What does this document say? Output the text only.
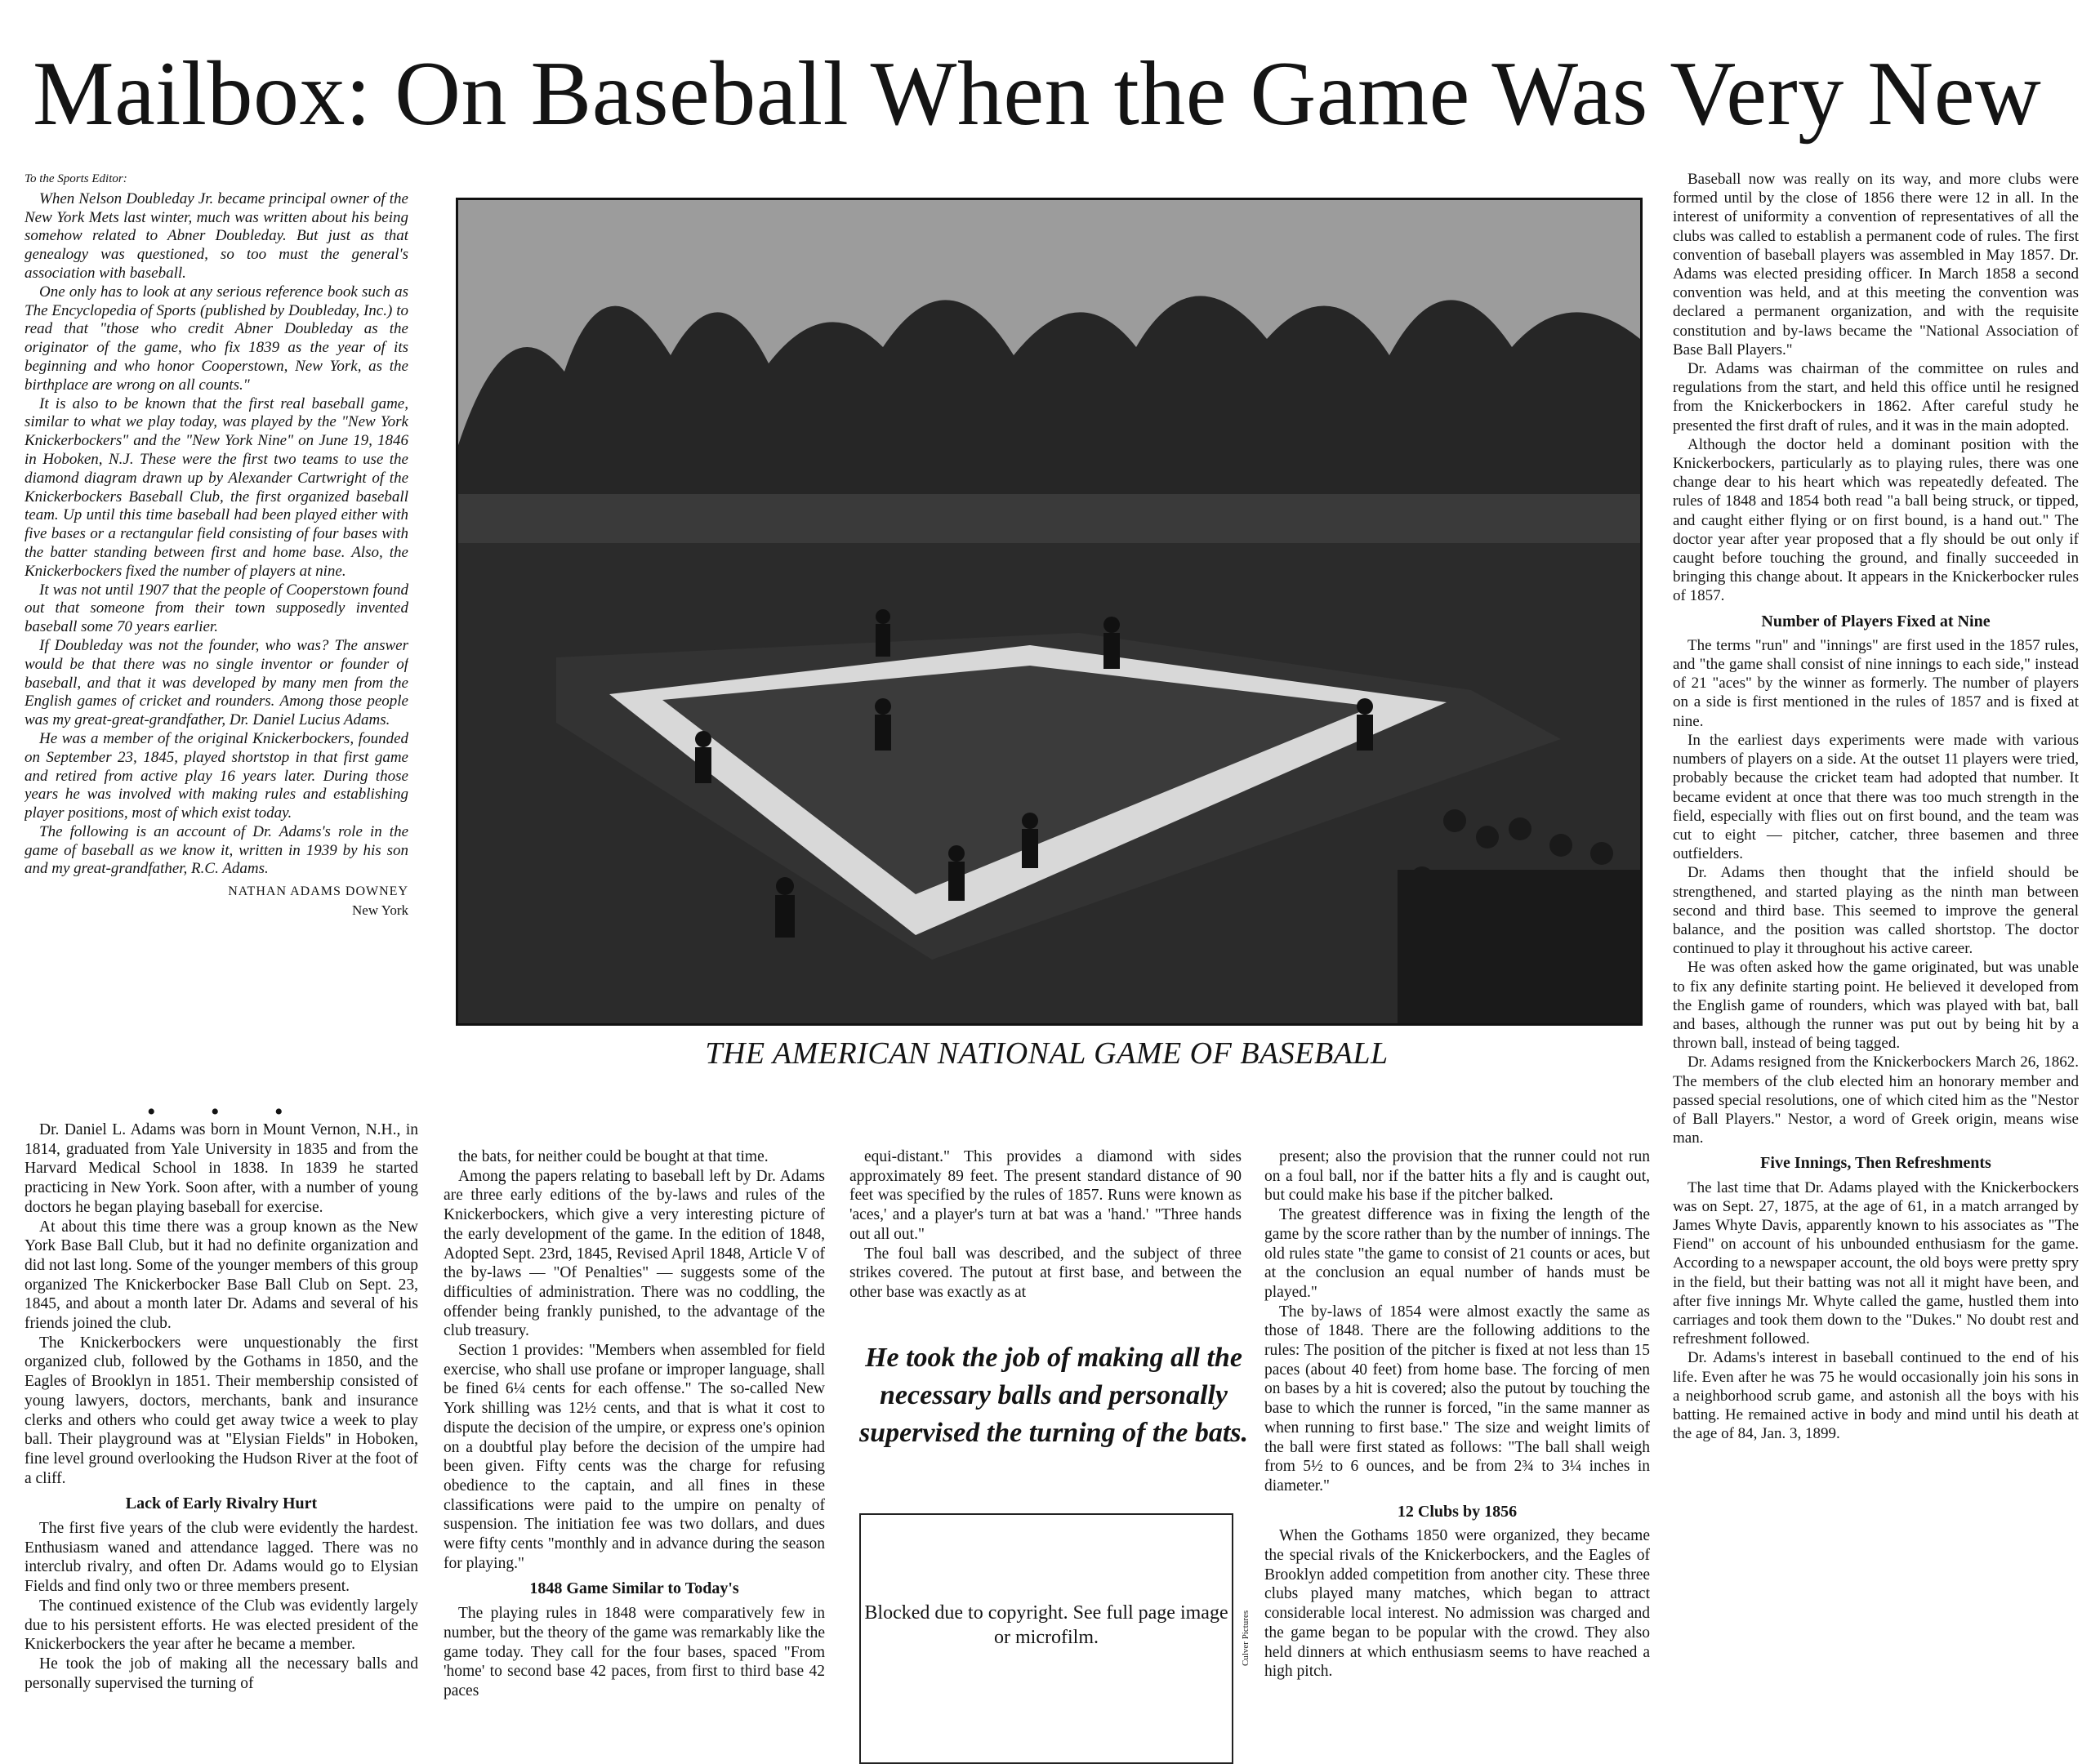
Mailbox: On Baseball When the Game Was Very New

To the Sports Editor:

When Nelson Doubleday Jr. became principal owner of the New York Mets last winter, much was written about his being somehow related to Abner Doubleday. But just as that genealogy was questioned, so too must the general's association with baseball.

One only has to look at any serious reference book such as The Encyclopedia of Sports (published by Doubleday, Inc.) to read that "those who credit Abner Doubleday as the originator of the game, who fix 1839 as the year of its beginning and who honor Cooperstown, New York, as the birthplace are wrong on all counts."

It is also to be known that the first real baseball game, similar to what we play today, was played by the "New York Knickerbockers" and the "New York Nine" on June 19, 1846 in Hoboken, N.J. These were the first two teams to use the diamond diagram drawn up by Alexander Cartwright of the Knickerbockers Baseball Club, the first organized baseball team. Up until this time baseball had been played either with five bases or a rectangular field consisting of four bases with the batter standing between first and home base. Also, the Knickerbockers fixed the number of players at nine.

It was not until 1907 that the people of Cooperstown found out that someone from their town supposedly invented baseball some 70 years earlier.

If Doubleday was not the founder, who was? The answer would be that there was no single inventor or founder of baseball, and that it was developed by many men from the English games of cricket and rounders. Among those people was my great-great-grandfather, Dr. Daniel Lucius Adams.

He was a member of the original Knickerbockers, founded on September 23, 1845, played shortstop in that first game and retired from active play 16 years later. During those years he was involved with making rules and establishing player positions, most of which exist today.

The following is an account of Dr. Adams's role in the game of baseball as we know it, written in 1939 by his son and my great-grandfather, R.C. Adams.

NATHAN ADAMS DOWNEY
New York
• • •
THE AMERICAN NATIONAL GAME OF BASEBALL

Dr. Daniel L. Adams was born in Mount Vernon, N.H., in 1814, graduated from Yale University in 1835 and from the Harvard Medical School in 1838. In 1839 he started practicing in New York. Soon after, with a number of young doctors he began playing baseball for exercise.

At about this time there was a group known as the New York Base Ball Club, but it had no definite organization and did not last long. Some of the younger members of this group organized The Knickerbocker Base Ball Club on Sept. 23, 1845, and about a month later Dr. Adams and several of his friends joined the club.

The Knickerbockers were unquestionably the first organized club, followed by the Gothams in 1850, and the Eagles of Brooklyn in 1851. Their membership consisted of young lawyers, doctors, merchants, bank and insurance clerks and others who could get away twice a week to play ball. Their playground was at "Elysian Fields" in Hoboken, fine level ground overlooking the Hudson River at the foot of a cliff.

Lack of Early Rivalry Hurt

The first five years of the club were evidently the hardest. Enthusiasm waned and attendance lagged. There was no interclub rivalry, and often Dr. Adams would go to Elysian Fields and find only two or three members present.

The continued existence of the Club was evidently largely due to his persistent efforts. He was elected president of the Knickerbockers the year after he became a member.

He took the job of making all the necessary balls and personally supervised the turning of

the bats, for neither could be bought at that time.

Among the papers relating to baseball left by Dr. Adams are three early editions of the by-laws and rules of the Knickerbockers, which give a very interesting picture of the early development of the game. In the edition of 1848, Adopted Sept. 23rd, 1845, Revised April 1848, Article V of the by-laws — "Of Penalties" — suggests some of the difficulties of administration. There was no coddling, the offender being frankly punished, to the advantage of the club treasury.

Section 1 provides: "Members when assembled for field exercise, who shall use profane or improper language, shall be fined 6¼ cents for each offense." The so-called New York shilling was 12½ cents, and that is what it cost to dispute the decision of the umpire, or express one's opinion on a doubtful play before the decision of the umpire had been given. Fifty cents was the charge for refusing obedience to the captain, and all fines in these classifications were paid to the umpire on penalty of suspension. The initiation fee was two dollars, and dues were fifty cents "monthly and in advance during the season for playing."

1848 Game Similar to Today's

The playing rules in 1848 were comparatively few in number, but the theory of the game was remarkably like the game today. They call for the four bases, spaced "From 'home' to second base 42 paces, from first to third base 42 paces

equi-distant." This provides a diamond with sides approximately 89 feet. The present standard distance of 90 feet was specified by the rules of 1857. Runs were known as 'aces,' and a player's turn at bat was a 'hand.' "Three hands out all out."

The foul ball was described, and the subject of three strikes covered. The putout at first base, and between the other base was exactly as at

He took the job of making all the necessary balls and personally supervised the turning of the bats.
Blocked due to copyright. See full page image or microfilm.	Culver Pictures

present; also the provision that the runner could not run on a foul ball, nor if the batter hits a fly and is caught out, but could make his base if the pitcher balked.

The greatest difference was in fixing the length of the game by the score rather than by the number of innings. The old rules state "the game to consist of 21 counts or aces, but at the conclusion an equal number of hands must be played."

The by-laws of 1854 were almost exactly the same as those of 1848. There are the following additions to the rules: The position of the pitcher is fixed at not less than 15 paces (about 40 feet) from home base. The forcing of men on bases by a hit is covered; also the putout by touching the base to which the runner is forced, "in the same manner as when running to first base." The size and weight limits of the ball were first stated as follows: "The ball shall weigh from 5½ to 6 ounces, and be from 2¾ to 3¼ inches in diameter."

12 Clubs by 1856

When the Gothams 1850 were organized, they became the special rivals of the Knickerbockers, and the Eagles of Brooklyn added competition from another city. These three clubs played many matches, which began to attract considerable local interest. No admission was charged and the game began to be popular with the crowd. They also held dinners at which enthusiasm seems to have reached a high pitch.

Baseball now was really on its way, and more clubs were formed until by the close of 1856 there were 12 in all. In the interest of uniformity a convention of representatives of all the clubs was called to establish a permanent code of rules. The first convention of baseball players was assembled in May 1857. Dr. Adams was elected presiding officer. In March 1858 a second convention was held, and at this meeting the convention was declared a permanent organization, and with the requisite constitution and by-laws became the "National Association of Base Ball Players."

Dr. Adams was chairman of the committee on rules and regulations from the start, and held this office until he resigned from the Knickerbockers in 1862. After careful study he presented the first draft of rules, and it was in the main adopted.

Although the doctor held a dominant position with the Knickerbockers, particularly as to playing rules, there was one change dear to his heart which was repeatedly defeated. The rules of 1848 and 1854 both read "a ball being struck, or tipped, and caught either flying or on first bound, is a hand out." The doctor year after year proposed that a fly should be out only if caught before touching the ground, and finally succeeded in bringing this change about. It appears in the Knickerbocker rules of 1857.

Number of Players Fixed at Nine

The terms "run" and "innings" are first used in the 1857 rules, and "the game shall consist of nine innings to each side," instead of 21 "aces" by the winner as formerly. The number of players on a side is first mentioned in the rules of 1857 and is fixed at nine.

In the earliest days experiments were made with various numbers of players on a side. At the outset 11 players were tried, probably because the cricket team had adopted that number. It became evident at once that there was too much strength in the field, especially with flies out on first bound, and the team was cut to eight — pitcher, catcher, three basemen and three outfielders.

Dr. Adams then thought that the infield should be strengthened, and started playing as the ninth man between second and third base. This seemed to improve the general balance, and the position was called shortstop. The doctor continued to play it throughout his active career.

He was often asked how the game originated, but was unable to fix any definite starting point. He believed it developed from the English game of rounders, which was played with bat, ball and bases, although the runner was put out by being hit by a thrown ball, instead of being tagged.

Dr. Adams resigned from the Knickerbockers March 26, 1862. The members of the club elected him an honorary member and passed special resolutions, one of which cited him as the "Nestor of Ball Players." Nestor, a word of Greek origin, means wise man.

Five Innings, Then Refreshments

The last time that Dr. Adams played with the Knickerbockers was on Sept. 27, 1875, at the age of 61, in a match arranged by James Whyte Davis, apparently known to his associates as "The Fiend" on account of his unbounded enthusiasm for the game. According to a newspaper account, the old boys were pretty spry in the field, but their batting was not all it might have been, and after five innings Mr. Whyte called the game, hustled them into carriages and took them down to the "Dukes." No doubt rest and refreshment followed.

Dr. Adams's interest in baseball continued to the end of his life. Even after he was 75 he would occasionally join his sons in a neighborhood scrub game, and astonish all the boys with his batting. He remained active in body and mind until his death at the age of 84, Jan. 3, 1899.
